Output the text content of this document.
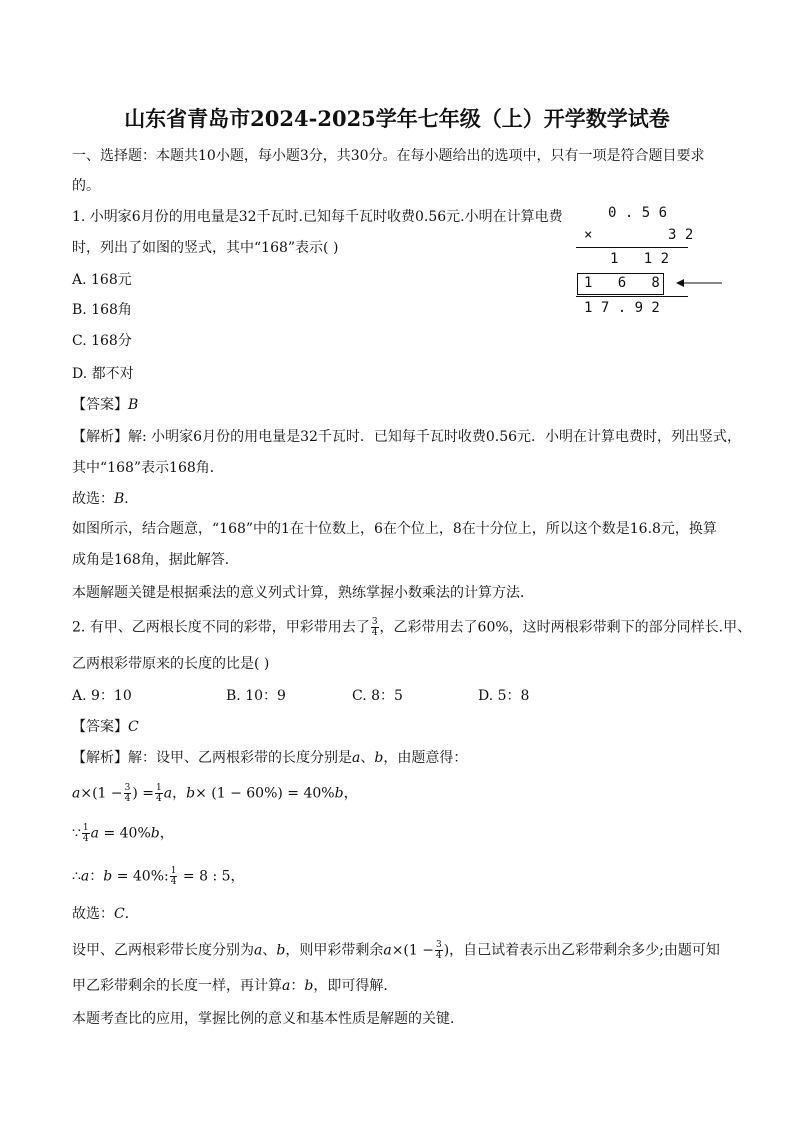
山东省青岛市2024-2025学年七年级（上）开学数学试卷
一、选择题：本题共10小题，每小题3分，共30分。在每小题给出的选项中，只有一项是符合题目要求
的。
1. 小明家6月份的用电量是32千瓦时.已知每千瓦时收费0.56元.小明在计算电费
时，列出了如图的竖式，其中“168”表示( )
A. 168元
B. 168角
C. 168分
D. 都不对
0 . 5 6
×	3 2
1   1 2
1   6   8
1 7 . 9 2
【答案】B
【解析】解: 小明家6月份的用电量是32千瓦时．已知每千瓦时收费0.56元．小明在计算电费时，列出竖式，
其中“168”表示168角．
故选：B．
如图所示，结合题意，“168”中的1在十位数上，6在个位上，8在十分位上，所以这个数是16.8元，换算
成角是168角，据此解答．
本题解题关键是根据乘法的意义列式计算，熟练掌握小数乘法的计算方法．
2. 有甲、乙两根长度不同的彩带，甲彩带用去了 $\frac{3}{4}$ ，乙彩带用去了60%，这时两根彩带剩下的部分同样长.甲、
乙两根彩带原来的长度的比是( )
A. 9：10	B. 10：9	C. 8：5	D. 5：8
【答案】C
【解析】解：设甲、乙两根彩带的长度分别是a、b，由题意得：
$a\times(1 - \frac{3}{4}$ ) = $\frac{1}{4}$ a，b× (1 − 60%) = 40%b，
∵ $\frac{1}{4}$ a = 40%b，
∴a：b = 40%: $\frac{1}{4} = 8$ : 5，
故选：C．
设甲、乙两根彩带长度分别为a、b，则甲彩带剩余$a\times(1 - \frac{3}{4}$ )，自己试着表示出乙彩带剩余多少;由题可知
甲乙彩带剩余的长度一样，再计算a：b，即可得解．
本题考查比的应用，掌握比例的意义和基本性质是解题的关键．
